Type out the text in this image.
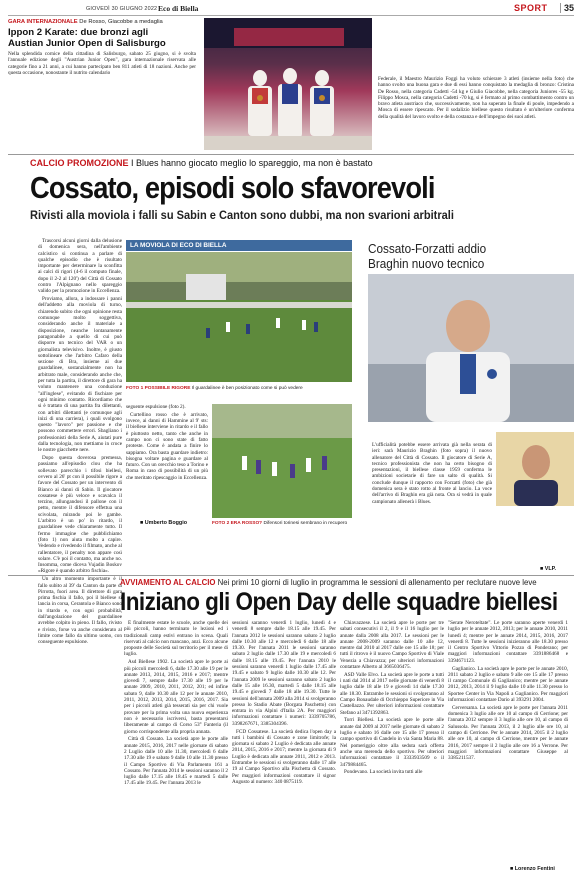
GIOVEDÌ 30 GIUGNO 2022 Eco di Biella	SPORT	35
GARA INTERNAZIONALE De Rosso, Giacobbe a medaglia
Ippon 2 Karate: due bronzi agli
Austian Junior Open di Salisburgo
Nella splendida cornice della cittadina di Salisburgo, sabato 25 giugno, si è svolta l'annuale edizione degli "Austrian Junior Open", gara internazionale riservata alle categorie fino a 21 anni, a cui hanno partecipato ben 811 atleti di 18 nazioni. Anche per questa occasione, nonostante il nutrito calendario
Federale, il Maestro Maurizio Foggi ha voluto schierare 3 atleti (insieme nella foto) che hanno svolto una buona gara e due di essi hanno conquistato la medaglia di bronzo: Cristina De Rosso, nella categoria Cadetti -54 kg e Giulio Giacobbe, nella categoria Juniores -55 kg. Filippo Mosca, nella categoria Cadetti -70 kg, si è fermato al primo combattimento contro un bravo atleta austriaco che, successivamente, non ha superato la finale di poule, impedendo a Mosca di essere ripescato. Per il sodalizio biellese questo risultato è un'ulteriore conferma della qualità del lavoro svolto e della costanza e dell'impegno dei suoi atleti.
CALCIO PROMOZIONE I Blues hanno giocato meglio lo spareggio, ma non è bastato
Cossato, episodi solo sfavorevoli
Rivisti alla moviola i falli su Sabin e Canton sono dubbi, ma non svarioni arbitrali

Trascorsi alcuni giorni dalla delusione di domenica sera, nell'ambiente calcistico si continua a parlare di qualche episodio che è risultato importante per determinare la sconfitta ai calci di rigori (4-6 il computo finale, dopo il 2-2 al 120') del Città di Cossato contro l'Alpignano nello spareggio valido per la promozione in Eccellenza.

Proviamo, allora, a indossare i panni dell'addetto alla moviola di turno, chiarendo subito che ogni opinione resta comunque molto soggettiva, considerando anche il materiale a disposizione, neanche lontanamente paragonabile a quello di cui può disporre un tecnico del VAR o un giornalista televisivo. Inoltre, è giusto sottolineare che l'arbitro Cafaro della sezione di Bra, insieme ai due guardalinee, sostanzialmente non ha arbitrato male, considerando anche che, per tutta la partita, il direttore di gara ha voluto mantenere una conduzione "all'inglese", evitando di fischiare per ogni minimo contatto. Ricordiamo che si è trattato di una partita fra dilettanti, con arbitri dilettanti (e comunque agli inizi di una carriera), i quali svolgono questo "lavoro" per passione e che possono commettere errori. Sbagliano i professionisti della Serie A, aiutati pure dalla tecnologia, non mettiamo in croce le nostre giacchette nere.

Dopo questa doverosa premessa, passiamo all'episodio clou che ha sollevato parecchio i tifosi biellesi, ovvero al 26' pt con il possibile rigore a favore del Cossato per un intervento di Bianco ai danni di Sabin. Il giocatore cossatese è più veloce e scavalca il terzino, allungandosi il pallone con il petto, mentre il difensore effettua una scivolata, mirando poi le gambe. L'arbitro è un po' in ritardo, il guardalinee vede chiaramente tutto. Il fermo immagine che pubblichiamo (foto 1) non aiuta molto a capire. Vedendo e rivedendo il filmato, anche al rallentatore, il penalty non appare così solare. C'è poi il contatto, ma anche no. Insomma, come diceva Vujadin Boskov «Rigore è quando arbitro fischia».

Un altro momento importante è il fallo subìto al 39' da Canton da parte di Pirrotta, fuori area. Il direttore di gara prima fischia il fallo, poi il biellese si lancia in corsa, Cerantola e Bianco sono in ritardo e, con ogni probabilità, dall'angolazione del guardalinee avrebbe colpito in pieno. Il fallo, rivisto e rivisto, forse va anche considerato al limite come fallo da ultimo uomo, con conseguente espulsione.

LA MOVIOLA DI ECO DI BIELLA
FOTO 1 POSSIBILE RIGORE Il guardalinee è ben posizionato come si può vedere

seguente espulsione (foto 2).

Curtellino rosso che è arrivato, invece, ai danni di Hammine al 9' sts: il biellese interviene in ritardo e il fallo è piuttosto netto, tanto che anche in campo non ci sono state di fatto proteste. Come è andata a finire lo sappiamo. Ora basta guardare indietro: bisogna voltare pagina e guardare al futuro. Con un orecchio teso a Torino e Roma in caso di possibilità di un più che meritato ripescaggio in Eccellenza.

■ Umberto Boggio	FOTO 2 ERA ROSSO? Difensori torinesi sembrano in recupero
Cossato-Forzatti addio
Braghin nuovo tecnico
L'ufficialità potebbe essere arrivata già nella serata di ieri: sarà Maurizio Braghin (foto sopra) il nuovo allenatore del Città di Cossato. Il giocatore di Serie A, tecnico professionista che non ha certo bisogno di presentazioni, il biellese classe 1959 conferma le ambizioni societarie di fare un salto di qualità. Si conclude dunque il rapporto con Forzatti (foto) che già domenica sera è stato rotto al fronte al lancio. La voce dell'arrivo di Braghin era già nota. Ora si vedrà in quale campionato allenerà i Blues.
■ VLP.
AVVIAMENTO AL CALCIO Nei primi 10 giorni di luglio in programma le sessioni di allenamento per reclutare nuove leve
Iniziano gli Open Day delle squadre biellesi

È finalmente estate le scuole, anche quelle dei più piccoli, hanno terminato le lezioni ed i tradizionali camp estivi entrano in scena. Quali riservati al calcio non mancano, anzi. Ecco alcune proposte delle Società sul territorio per il mese di luglio.

Asd Biellese 1902. La società apre le porte ai più piccoli mercoledì 6, dalle 17.30 alle 19 per le annate 2013, 2014, 2015, 2016 e 2017; mentre giovedì 7, sempre dalle 17.30 alle 19 per le annate 2009, 2010, 2011, 2012, 201; ed infine sabato 9, dalle 10.30 alle 12 per le annate 2010, 2011, 2012, 2013, 2014, 2015, 2016, 2017. Sia per i piccoli atleti già tesserati sia per chi vuole provare per la prima volta una nuova esperienza non è necessario iscriversi, basta presentarsi liberamente al campo di Corso 53° Fanteria (il giorno corrispondente alla propria annata.

Città di Cossato. La società apre le porte alle annate 2015, 2016, 2017 nelle giornate di sabato 2 Luglio dalle 10 alle 11.30, mercoledì 6 dalle 17.30 alle 19 e sabato 9 dalle 10 alle 11.30 presso il Campo Sportivo di Via Parlamento 161 a Cossato. Per l'annata 2014 le sessioni saranno il 2 luglio dalle 17.15 alle 18.45 e martedì 5 dalle 17.45 alle 19.45. Per l'annata 2013 le

sessioni saranno venerdì 1 luglio, lunedì 4 e venerdì 8 sempre dalle 18.15 alle 19.45. Per l'annata 2012 le sessioni saranno sabato 2 luglio dalle 10.30 alle 12 e mercoledì 6 dalle 18 alle 19.30. Per l'annata 2011 le sessioni saranno sabato 2 luglio dalle 17.30 alle 19 e mercoledì 6 dalle 18.15 alle 19.45. Per l'annata 2010 le sessioni saranno venerdì 1 luglio dalle 17.45 alle 19.45 e sabato 9 luglio dalle 10.30 alle 12. Per l'annata 2009 le sessioni saranno sabato 2 luglio dalle 15 alle 16.30, martedì 5 dalle 18.15 alle 19.45 e giovedì 7 dalle 18 alle 19.30. Tutte le sessioni dell'annata 2009 alla 2014 si svolgeranno presso lo Stadio Abate (Borgata Paschetto) con entrata in via Alpini d'Italia 2A. Per maggiori informazioni contattare i numeri: 3339705786, 3398267671, 3385304396.

FCD Cossatese. La società dedica l'open day a tutti i bambini di Cossato e zone limitrofe; la giornata si sabato 2 Luglio è dedicata alle annate 2014, 2015, 2016 e 2017; mentre la giornata di 9 Luglio è dedicata alle annate 2011, 2012 e 2013. Entrambe le sessioni si svolgeranno dalle 17 alle 19 al Campo Sportivo alla Pischetta di Cossato. Per maggiori informazioni contattare il signor Augusto al numero: 340 0875119.

Chiavazzese. La società apre le porte per tre sabati consecutivi il 2, il 9 e il 16 luglio per le annate dalla 2008 alla 2017. Le sessioni per le annate 2008-2009 saranno dalle 10 alle 12, mentre dal 2010 al 2017 dalle ore 15 alle 18; per tutti il ritrovo è il nuovo Campo Sportivo di Viale Venezia a Chiavazza; per ulteriori informazioni contattare Alberto al 3665036475.

ASD Valle Elvo. La società apre le porte a tutti i nati dal 2014 al 2017 nelle giornate di venerdì 8 luglio dalle 18 alle 19 e giovedì 14 dalle 17.30 alle 18.30. Entrambe le sessioni si svolgeranno al Campo Bonaudale di Occhieppo Superiore in Via Castellazzo. Per ulteriori informazioni contattare Stefano al 3471392863.

Torri Biellesi. La società apre le porte alle annate dal 2009 al 2017 nelle giornate di sabato 2 luglio e sabato 16 dalle ore 15 alle 17 presso il campo sportivo di Candelo in via Santa Maria 88. Nel pomeriggio oltre alla seduta sarà offerta anche una merenda dello sportivo. Per ulteriori informazioni contattare il 3333933509 o il 3479884465.

Pondevano. La società invita tutti alle

"Serate Neroteltate". Le porte saranno aperte venerdì 1 luglio per le annate 2012, 2013; per le annate 2010, 2011 lunedì 4; mentre per le annate 2014, 2015, 2016, 2017 venerdì 8. Tutte le sessioni inizieranno alle 18.30 presso il Centro Sportivo Vittorio Pozzo di Ponderano; per maggiori informazioni contattare 3391886468 e 3394671123.

Gaglianico. La società apre le porte per le annate 2010, 2011 sabato 2 luglio e sabato 9 alle ore 15 alle 17 presso il campo Comunale di Gaglianico; mentre per le annate 2012, 2013, 2014 il 9 luglio dalle 10 alle 11.30 presso lo Sportee Center in Via Napoli a Gaglianico. Per maggiori informazioni contattare Dario al 393291 2004.

Cerversama. La società apre le porte per l'annata 2011 domenica 3 luglio alle ore 10 al campo di Cerrione; per l'annata 2012 sempre il 3 luglio alle ore 10, al campo di Salussola. Per l'annata 2013, il 2 luglio alle ore 10, al campo di Cerrione. Per le annate 2014, 2015 il 2 luglio alle ore 10, al campo di Cerrione, mentre per le annate 2016, 2017 sempre il 2 luglio alle ore 16 a Verrone. Per maggiori informazioni contattare Giuseppe al 3385211537.

■ Lorenzo Fentini
